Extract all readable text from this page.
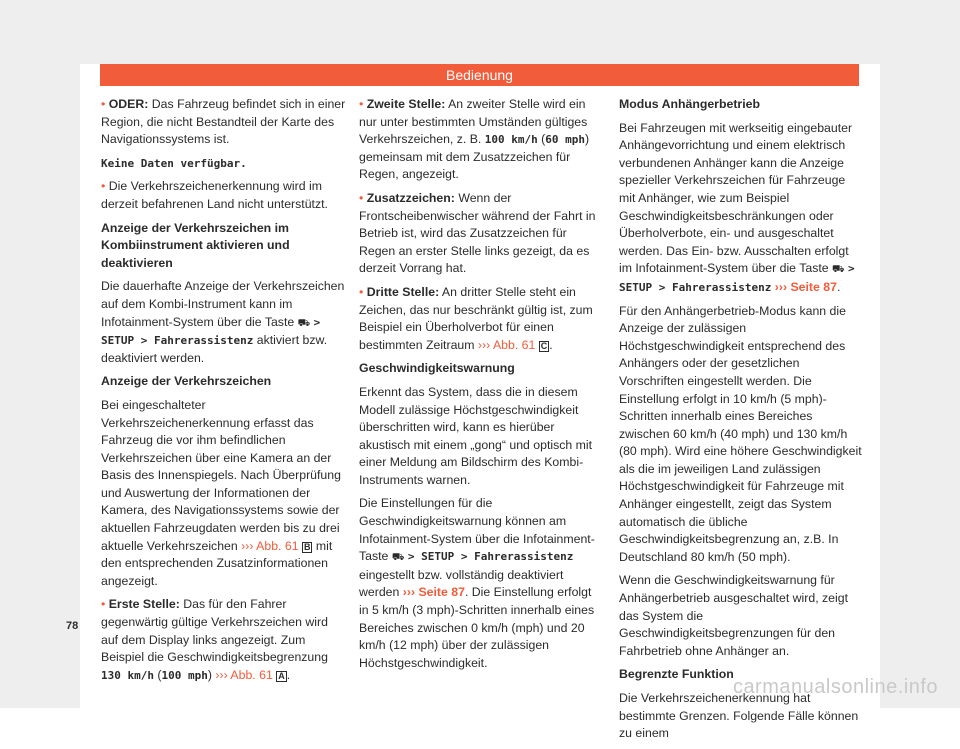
Bedienung

• ODER: Das Fahrzeug befindet sich in einer Region, die nicht Bestandteil der Karte des Navigationssystems ist.

Keine Daten verfügbar.

• Die Verkehrszeichenerkennung wird im derzeit befahrenen Land nicht unterstützt.

Anzeige der Verkehrszeichen im Kombiinstrument aktivieren und deaktivieren

Die dauerhafte Anzeige der Verkehrszeichen auf dem Kombi-Instrument kann im Infotainment-System über die Taste ⛟ > SETUP > Fahrerassistenz aktiviert bzw. deaktiviert werden.

Anzeige der Verkehrszeichen

Bei eingeschalteter Verkehrszeichenerkennung erfasst das Fahrzeug die vor ihm befindlichen Verkehrszeichen über eine Kamera an der Basis des Innenspiegels. Nach Überprüfung und Auswertung der Informationen der Kamera, des Navigationssystems sowie der aktuellen Fahrzeugdaten werden bis zu drei aktuelle Verkehrszeichen ››› Abb. 61 B mit den entsprechenden Zusatzinformationen angezeigt.

• Erste Stelle: Das für den Fahrer gegenwärtig gültige Verkehrszeichen wird auf dem Display links angezeigt. Zum Beispiel die Geschwindigkeitsbegrenzung 130 km/h (100 mph) ››› Abb. 61 A .

• Zweite Stelle: An zweiter Stelle wird ein nur unter bestimmten Umständen gültiges Verkehrszeichen, z. B. 100 km/h (60 mph) gemeinsam mit dem Zusatzzeichen für Regen, angezeigt.

• Zusatzzeichen: Wenn der Frontscheibenwischer während der Fahrt in Betrieb ist, wird das Zusatzzeichen für Regen an erster Stelle links gezeigt, da es derzeit Vorrang hat.

• Dritte Stelle: An dritter Stelle steht ein Zeichen, das nur beschränkt gültig ist, zum Beispiel ein Überholverbot für einen bestimmten Zeitraum ››› Abb. 61 C .

Geschwindigkeitswarnung

Erkennt das System, dass die in diesem Modell zulässige Höchstgeschwindigkeit überschritten wird, kann es hierüber akustisch mit einem „gong“ und optisch mit einer Meldung am Bildschirm des Kombi-Instruments warnen.

Die Einstellungen für die Geschwindigkeitswarnung können am Infotainment-System über die Infotainment-Taste ⛟ > SETUP > Fahrerassistenz eingestellt bzw. vollständig deaktiviert werden ››› Seite 87. Die Einstellung erfolgt in 5 km/h (3 mph)-Schritten innerhalb eines Bereiches zwischen 0 km/h (mph) und 20 km/h (12 mph) über der zulässigen Höchstgeschwindigkeit.

Modus Anhängerbetrieb

Bei Fahrzeugen mit werkseitig eingebauter Anhängevorrichtung und einem elektrisch verbundenen Anhänger kann die Anzeige spezieller Verkehrszeichen für Fahrzeuge mit Anhänger, wie zum Beispiel Geschwindigkeitsbeschränkungen oder Überholverbote, ein- und ausgeschaltet werden. Das Ein- bzw. Ausschalten erfolgt im Infotainment-System über die Taste ⛟ > SETUP > Fahrerassistenz ››› Seite 87.

Für den Anhängerbetrieb-Modus kann die Anzeige der zulässigen Höchstgeschwindigkeit entsprechend des Anhängers oder der gesetzlichen Vorschriften eingestellt werden. Die Einstellung erfolgt in 10 km/h (5 mph)-Schritten innerhalb eines Bereiches zwischen 60 km/h (40 mph) und 130 km/h (80 mph). Wird eine höhere Geschwindigkeit als die im jeweiligen Land zulässigen Höchstgeschwindigkeit für Fahrzeuge mit Anhänger eingestellt, zeigt das System automatisch die übliche Geschwindigkeitsbegrenzung an, z.B. In Deutschland 80 km/h (50 mph).

Wenn die Geschwindigkeitswarnung für Anhängerbetrieb ausgeschaltet wird, zeigt das System die Geschwindigkeitsbegrenzungen für den Fahrbetrieb ohne Anhänger an.

Begrenzte Funktion

Die Verkehrszeichenerkennung hat bestimmte Grenzen. Folgende Fälle können zu einem

78
carmanualsonline.info
